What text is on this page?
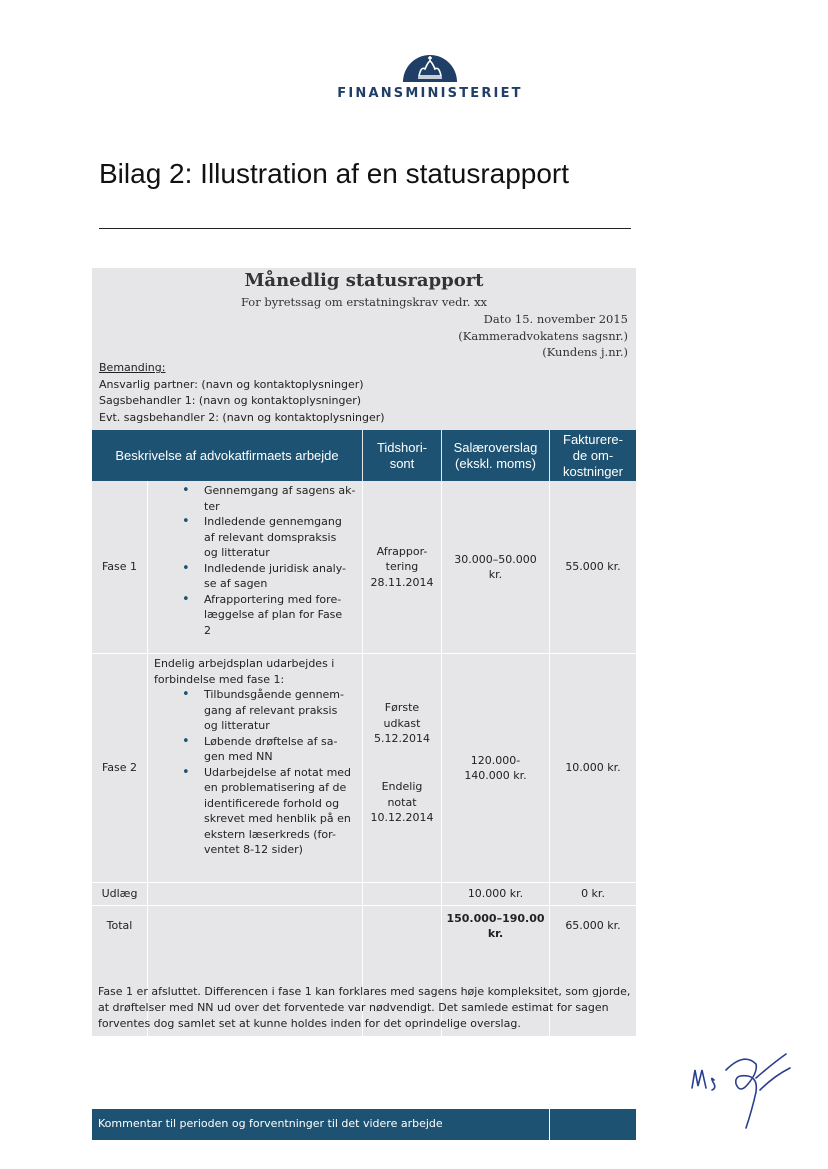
FINANSMINISTERIET
Bilag 2: Illustration af en statusrapport
Månedlig statusrapport
For byretssag om erstatningskrav vedr. xx
Dato 15. november 2015
(Kammeradvokatens sagsnr.)
(Kundens j.nr.)
Bemanding:
Ansvarlig partner: (navn og kontaktoplysninger)
Sagsbehandler 1: (navn og kontaktoplysninger)
Evt. sagsbehandler 2: (navn og kontaktoplysninger)
Beskrivelse af advokatfirmaets arbejde
Tidshori-
sont
Salæroverslag
(ekskl. moms)
Fakturere-
de om-
kostninger
Fase 1
• Gennemgang af sagens ak-
ter
• Indledende gennemgang
af relevant domspraksis
og litteratur
• Indledende juridisk analy-
se af sagen
• Afrapportering med fore-
læggelse af plan for Fase
2
Afrappor-
tering
28.11.2014
30.000–50.000
kr.
55.000 kr.
Fase 2
Endelig arbejdsplan udarbejdes i
forbindelse med fase 1:
• Tilbundsgående gennem-
gang af relevant praksis
og litteratur
• Løbende drøftelse af sa-
gen med NN
• Udarbejdelse af notat med
en problematisering af de
identificerede forhold og
skrevet med henblik på en
ekstern læserkreds (for-
ventet 8-12 sider)
Første
udkast
5.12.2014
Endelig
notat
10.12.2014
120.000-
140.000 kr.
10.000 kr.
Udlæg	10.000 kr.	0 kr.
Total
150.000–190.00
kr.
65.000 kr.
Kommentar til perioden og forventninger til det videre arbejde
Fase 1 er afsluttet. Differencen i fase 1 kan forklares med sagens høje kompleksitet, som gjorde, at drøftelser med NN ud over det forventede var nødvendigt. Det samlede estimat for sagen forventes dog samlet set at kunne holdes inden for det oprindelige overslag.
